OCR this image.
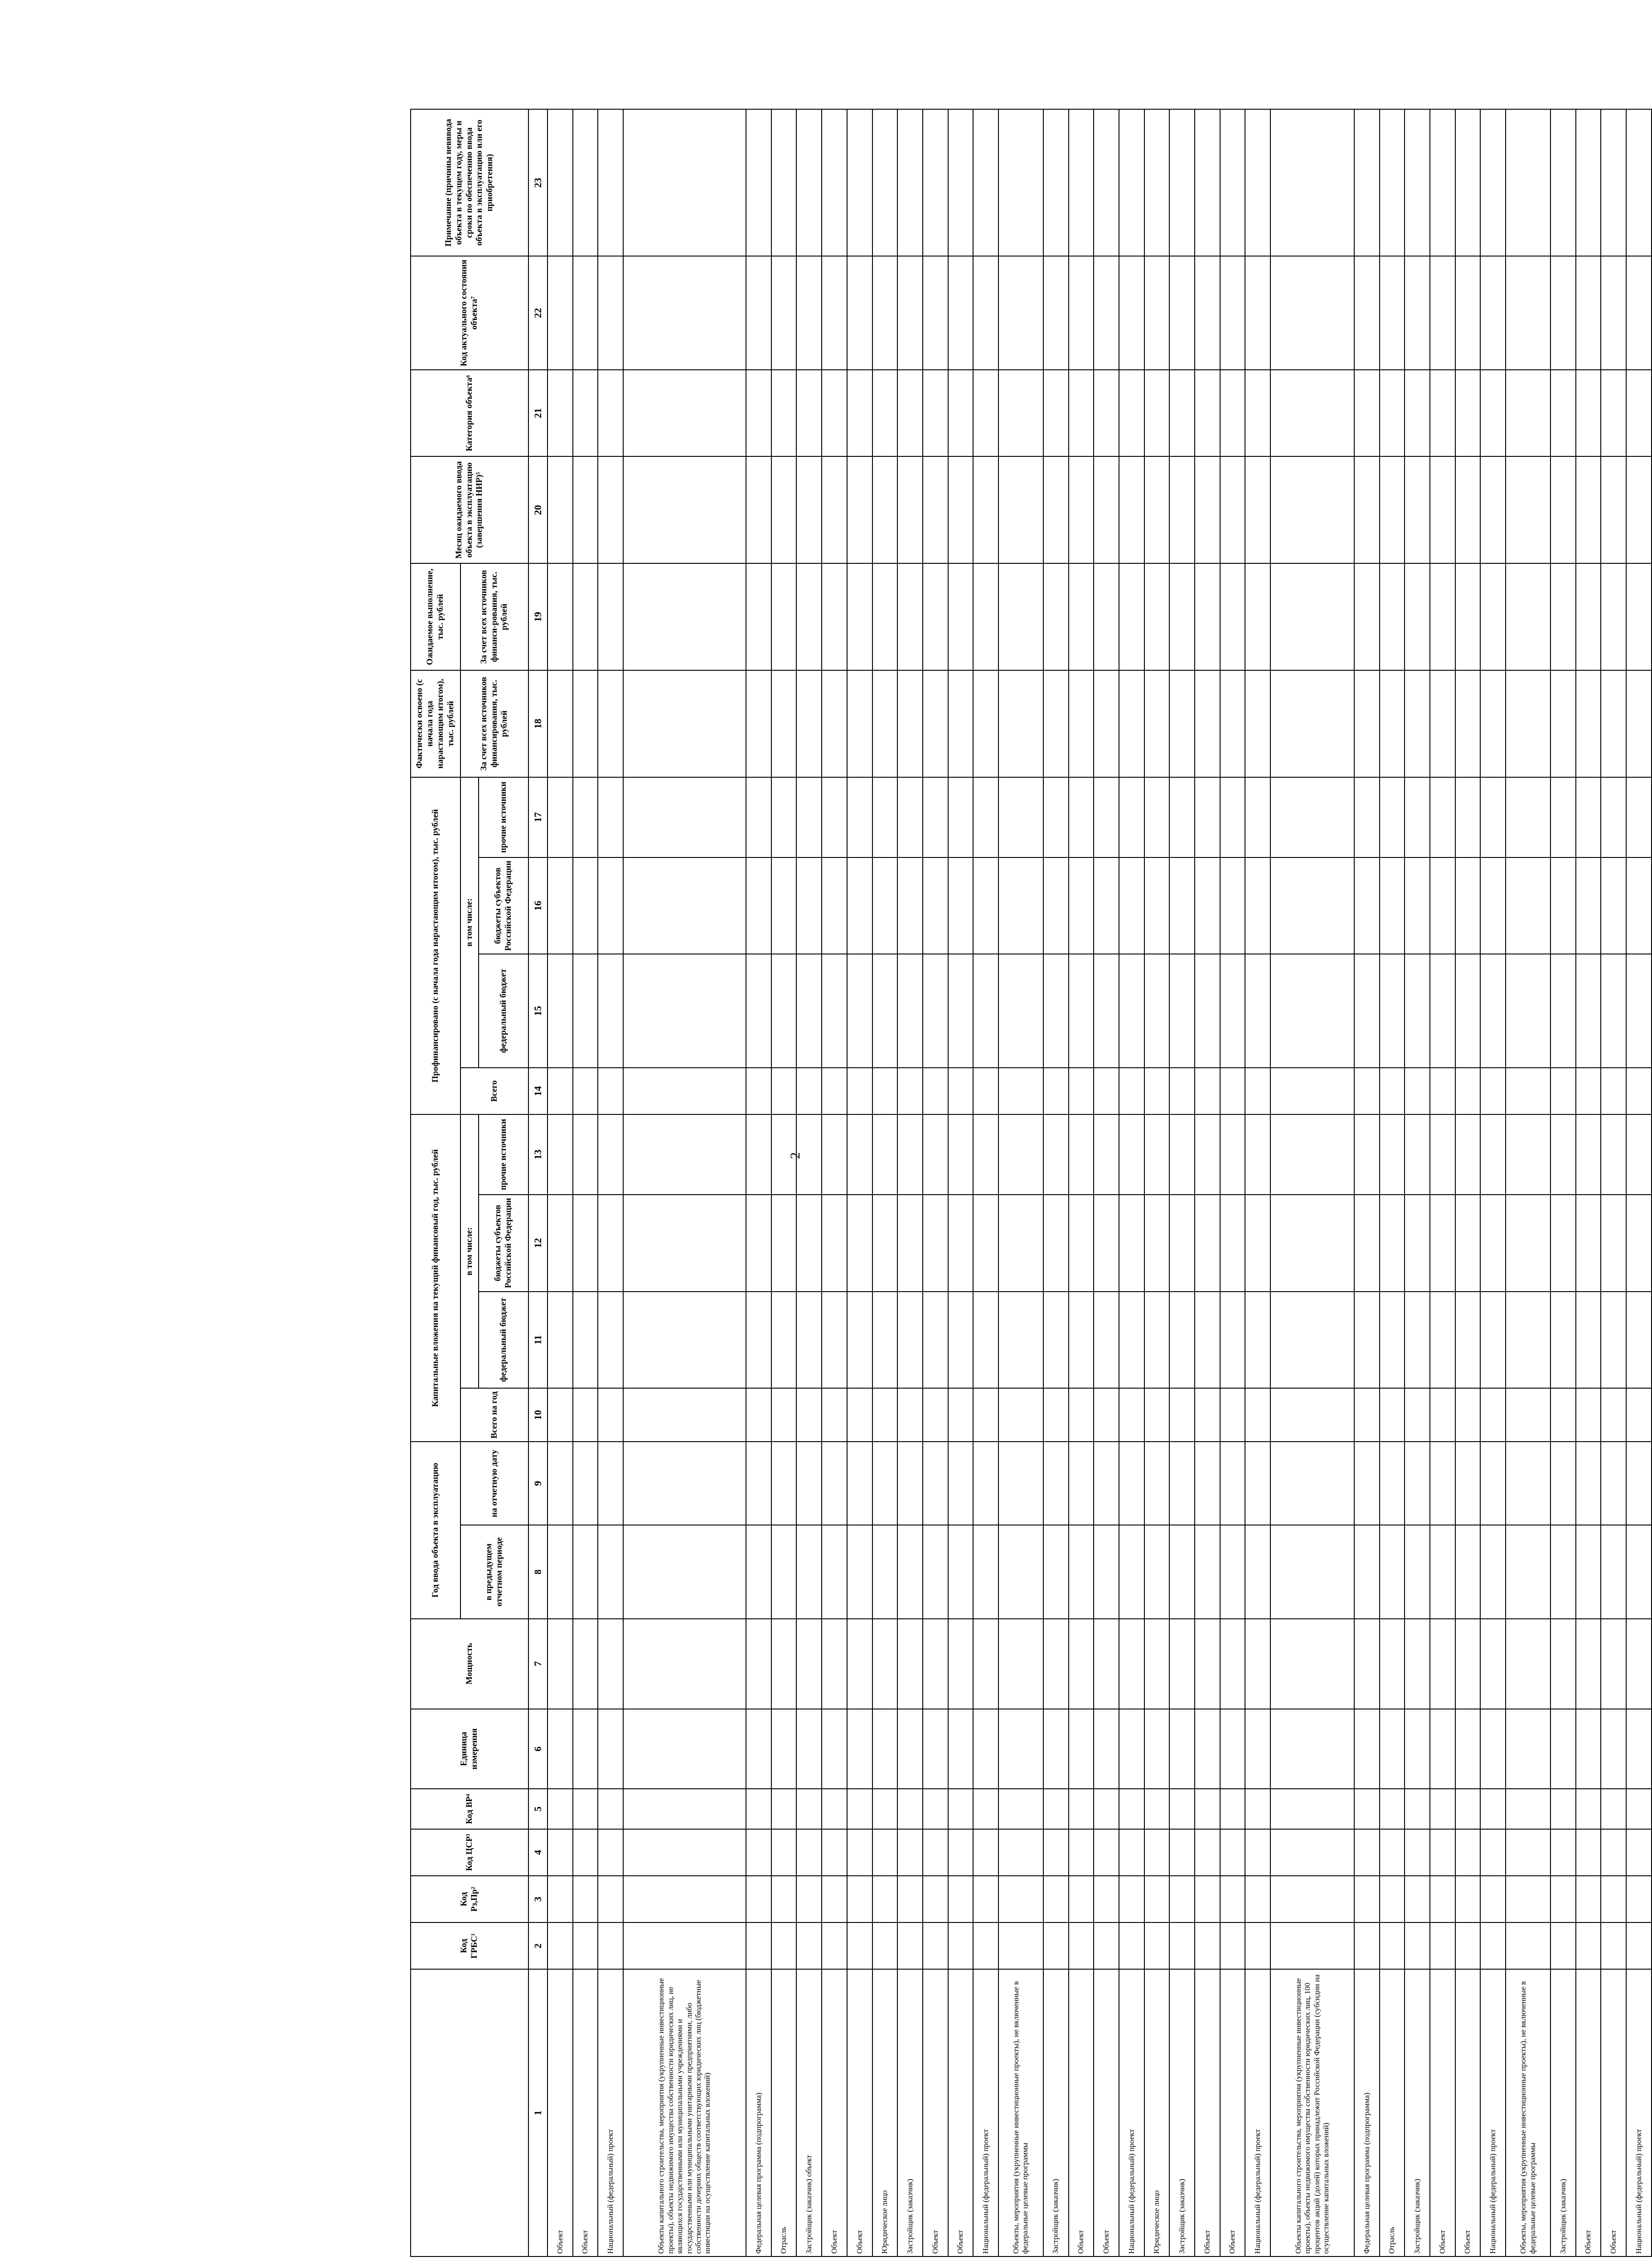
2
	Код ГРБС¹	Код Рз,Пр²	Код ЦСР³	Код ВР⁴	Единица измерения	Мощность	Год ввода объекта в эксплуатацию		Капитальные вложения на текущий финансовый год, тыс. рублей				Профинансировано (с начала года нарастающим итогом), тыс. рублей				Фактически освоено (с начала года нарастающим итогом), тыс. рублей	Ожидаемое выполнение, тыс. рублей	Месяц ожидаемого ввода объекта в эксплуатацию (завершения НИР)⁵	Категория объекта⁶	Код актуального состояния объекта⁷	Примечание (причины невввода объекта в текущем году, меры и сроки по обеспечению ввода объекта в эксплуатацию или его приобретения)
							в предыдущем отчетном периоде	на отчетную дату	Всего на год	в том числе:			Всего	в том числе:			За счет всех источников финансирования, тыс. рублей	За счет всех источников финанси-рования, тыс. рублей				
										федеральный бюджет	бюджеты субъектов Российской Федерации	прочие источники		федеральный бюджет	бюджеты субъектов Российской Федерации	прочие источники						
1	2	3	4	5	6	7	8	9	10	11	12	13	14	15	16	17	18	19	20	21	22	23
Объект																						
Объект																						
Национальный (федеральный) проект																						
Объекты капитального строительства, мероприятия (укрупненные инвестиционные проекты), объекты недвижимого имущества собственности юридических лиц, не являющихся государственными или муниципальными учреждениями и государственными или муниципальными унитарными предприятиями, либо собственности дочерних обществ соответствующих юридических лиц (бюджетные инвестиции на осуществление капитальных вложений)																						
Федеральная целевая программа (подпрограмма)																						
Отрасль																						
Застройщик (заказчик) объект																						
Объект																						
Объект																						
Юридическое лицо																						
Застройщик (заказчик)																						
Объект																						
Объект																						
Национальный (федеральный) проект																						
Объекты, мероприятия (укрупненные инвестиционные проекты), не включенные в федеральные целевые программы																						
Застройщик (заказчик)																						
Объект																						
Объект																						
Национальный (федеральный) проект																						
Юридическое лицо																						
Застройщик (заказчик)																						
Объект																						
Объект																						
Национальный (федеральный) проект																						
Объекты капитального строительства, мероприятия (укрупненные инвестиционные проекты), объекты недвижимого имущества собственности юридических лиц, 100 процентов акций (долей) которых принадлежит Российской Федерации (субсидии на осуществление капитальных вложений)																						
Федеральная целевая программа (подпрограмма)																						
Отрасль																						
Застройщик (заказчик)																						
Объект																						
Объект																						
Национальный (федеральный) проект																						
Объекты, мероприятия (укрупненные инвестиционные проекты), не включенные в федеральные целевые программы																						
Застройщик (заказчик)																						
Объект																						
Объект																						
Национальный (федеральный) проект																						
